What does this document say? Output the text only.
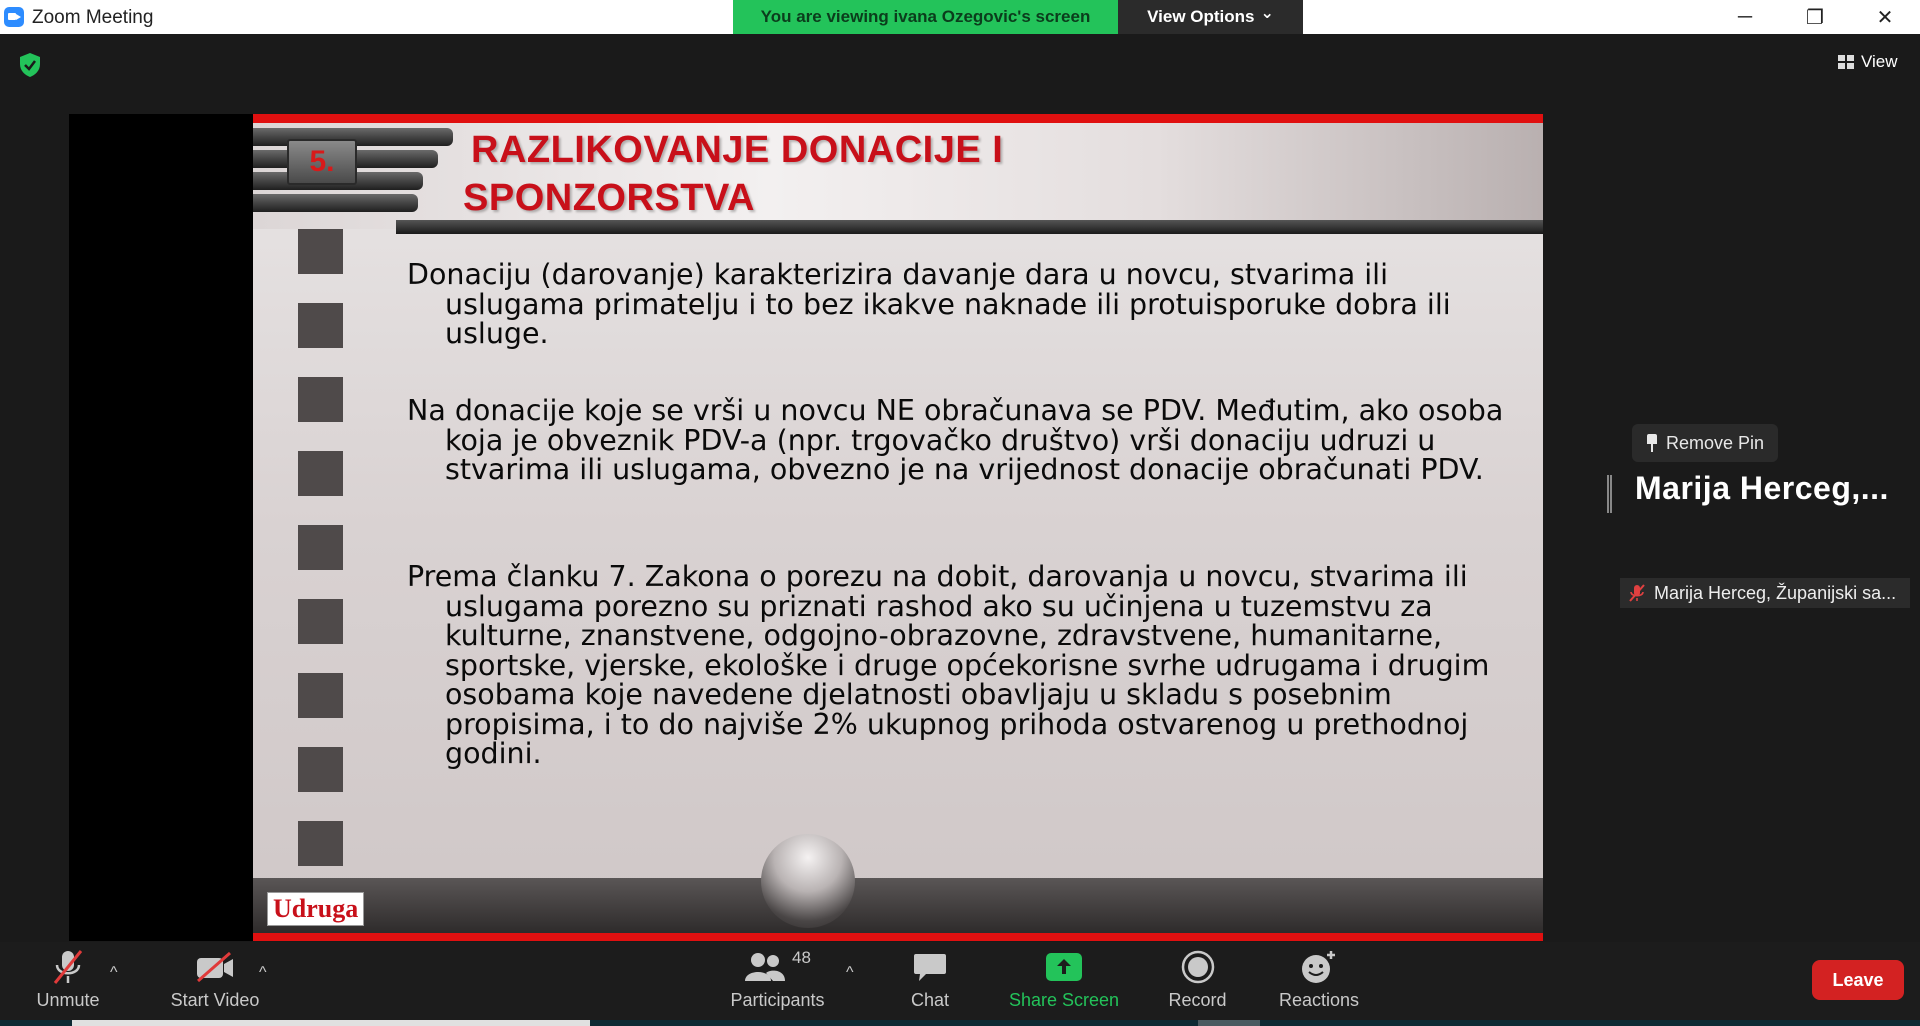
Zoom Meeting	You are viewing ivana Ozegovic's screen	View Options ⌄	─	❐	✕
View
5.	RAZLIKOVANJE DONACIJE I
SPONZORSTVA

Donaciju (darovanje) karakterizira davanje dara u novcu, stvarima ili uslugama primatelju i to bez ikakve naknade ili protuisporuke dobra ili usluge.

Na donacije koje se vrši u novcu NE obračunava se PDV. Međutim, ako osoba koja je obveznik PDV-a (npr. trgovačko društvo) vrši donaciju udruzi u stvarima ili uslugama, obvezno je na vrijednost donacije obračunati PDV.

Prema članku 7. Zakona o porezu na dobit, darovanja u novcu, stvarima ili uslugama porezno su priznati rashod ako su učinjena u tuzemstvu za kulturne, znanstvene, odgojno-obrazovne, zdravstvene, humanitarne, sportske, vjerske, ekološke i druge općekorisne svrhe udrugama i drugim osobama koje navedene djelatnosti obavljaju u skladu s posebnim propisima, i to do najviše 2% ukupnog prihoda ostvarenog u prethodnoj godini.

Udruga
Remove Pin
Marija Herceg,...
Marija Herceg, Županijski sa...
Unmute
^
Start Video
^
48
Participants
^
Chat	Share Screen	Record	Reactions
Leave
